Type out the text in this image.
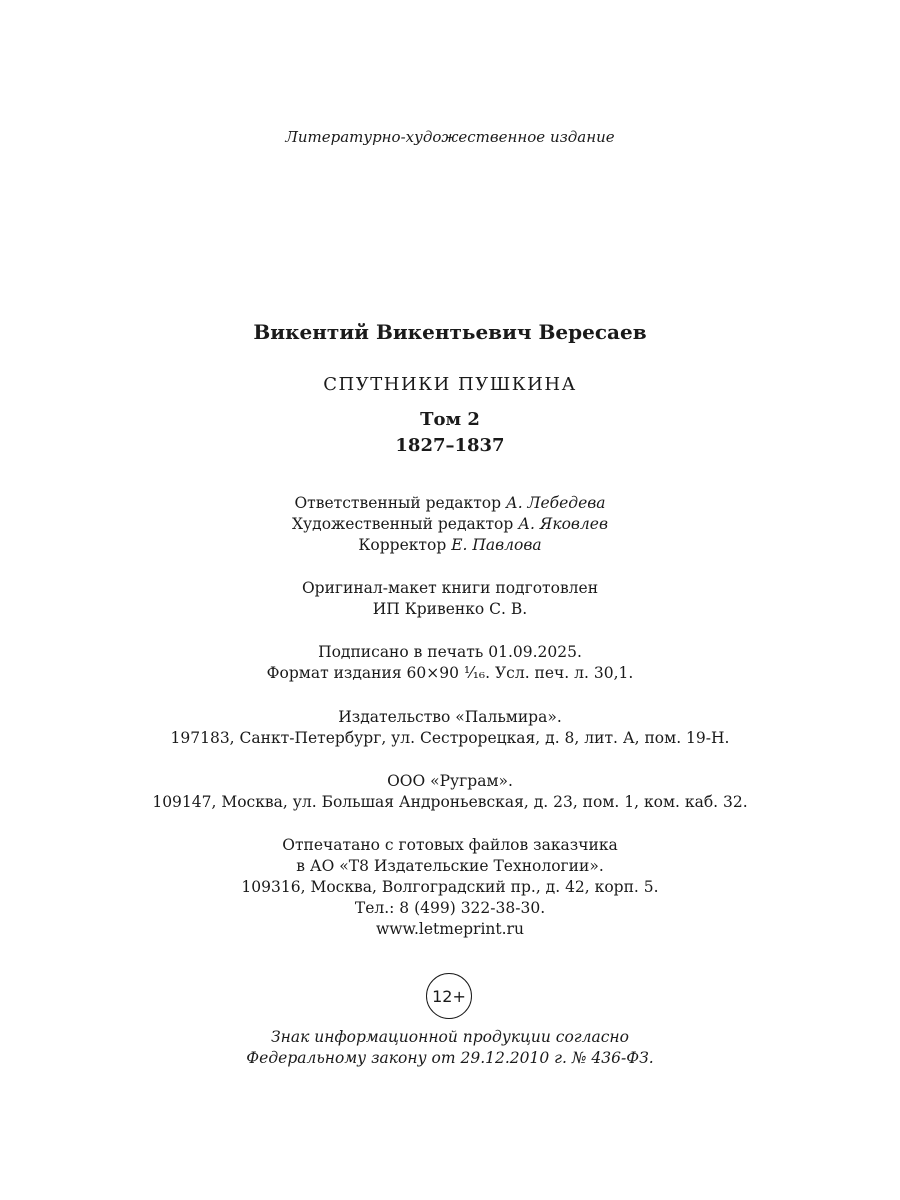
Литературно-художественное издание
Викентий Викентьевич Вересаев
СПУТНИКИ ПУШКИНА
Том 2
1827–1837
Ответственный редактор А. Лебедева
Художественный редактор А. Яковлев
Корректор Е. Павлова
Оригинал-макет книги подготовлен
ИП Кривенко С. В.
Подписано в печать 01.09.2025.
Формат издания 60×90 ¹⁄₁₆. Усл. печ. л. 30,1.
Издательство «Пальмира».
197183, Санкт-Петербург, ул. Сестрорецкая, д. 8, лит. А, пом. 19-Н.
ООО «Руграм».
109147, Москва, ул. Большая Андроньевская, д. 23, пом. 1, ком. каб. 32.
Отпечатано с готовых файлов заказчика
в АО «Т8 Издательские Технологии».
109316, Москва, Волгоградский пр., д. 42, корп. 5.
Тел.: 8 (499) 322-38-30.
www.letmeprint.ru
12+
Знак информационной продукции согласно
Федеральному закону от 29.12.2010 г. № 436-ФЗ.
